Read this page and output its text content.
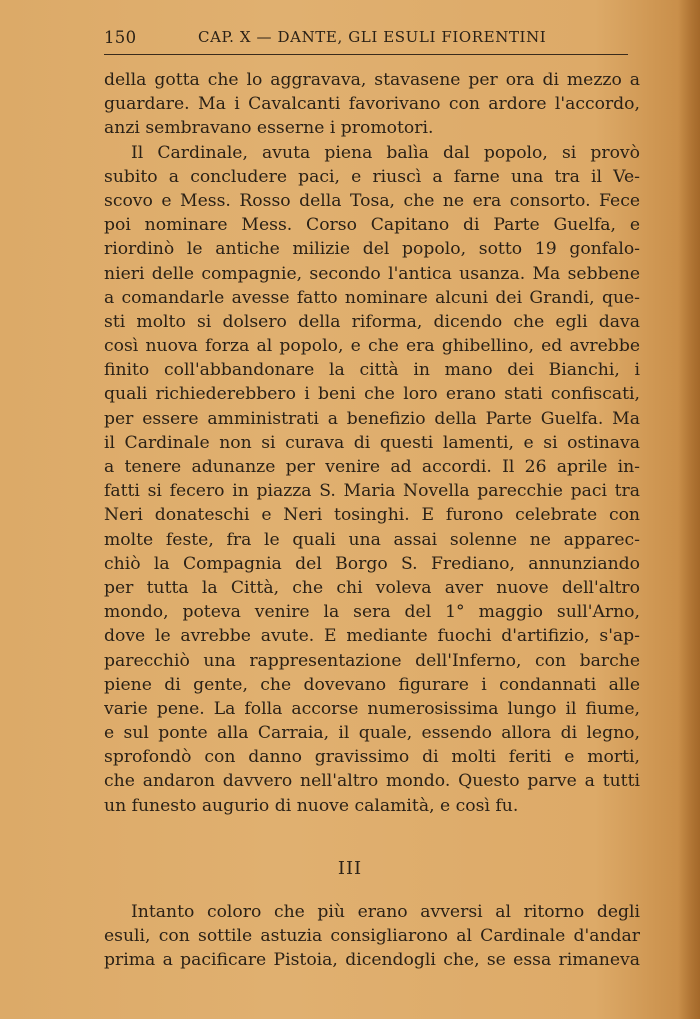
150	CAP. X — DANTE, GLI ESULI FIORENTINI
della gotta che lo aggravava, stavasene per ora di mezzo a
guardare. Ma i Cavalcanti favorivano con ardore l'accordo,
anzi sembravano esserne i promotori.
Il Cardinale, avuta piena balìa dal popolo, si provò
subito a concludere paci, e riuscì a farne una tra il Ve-
scovo e Mess. Rosso della Tosa, che ne era consorto. Fece
poi nominare Mess. Corso Capitano di Parte Guelfa, e
riordinò le antiche milizie del popolo, sotto 19 gonfalo-
nieri delle compagnie, secondo l'antica usanza. Ma sebbene
a comandarle avesse fatto nominare alcuni dei Grandi, que-
sti molto si dolsero della riforma, dicendo che egli dava
così nuova forza al popolo, e che era ghibellino, ed avrebbe
finito coll'abbandonare la città in mano dei Bianchi, i
quali richiederebbero i beni che loro erano stati confiscati,
per essere amministrati a benefizio della Parte Guelfa. Ma
il Cardinale non si curava di questi lamenti, e si ostinava
a tenere adunanze per venire ad accordi. Il 26 aprile in-
fatti si fecero in piazza S. Maria Novella parecchie paci tra
Neri donateschi e Neri tosinghi. E furono celebrate con
molte feste, fra le quali una assai solenne ne apparec-
chiò la Compagnia del Borgo S. Frediano, annunziando
per tutta la Città, che chi voleva aver nuove dell'altro
mondo, poteva venire la sera del 1° maggio sull'Arno,
dove le avrebbe avute. E mediante fuochi d'artifizio, s'ap-
parecchiò una rappresentazione dell'Inferno, con barche
piene di gente, che dovevano figurare i condannati alle
varie pene. La folla accorse numerosissima lungo il fiume,
e sul ponte alla Carraia, il quale, essendo allora di legno,
sprofondò con danno gravissimo di molti feriti e morti,
che andaron davvero nell'altro mondo. Questo parve a tutti
un funesto augurio di nuove calamità, e così fu.
III
Intanto coloro che più erano avversi al ritorno degli
esuli, con sottile astuzia consigliarono al Cardinale d'andar
prima a pacificare Pistoia, dicendogli che, se essa rimaneva
